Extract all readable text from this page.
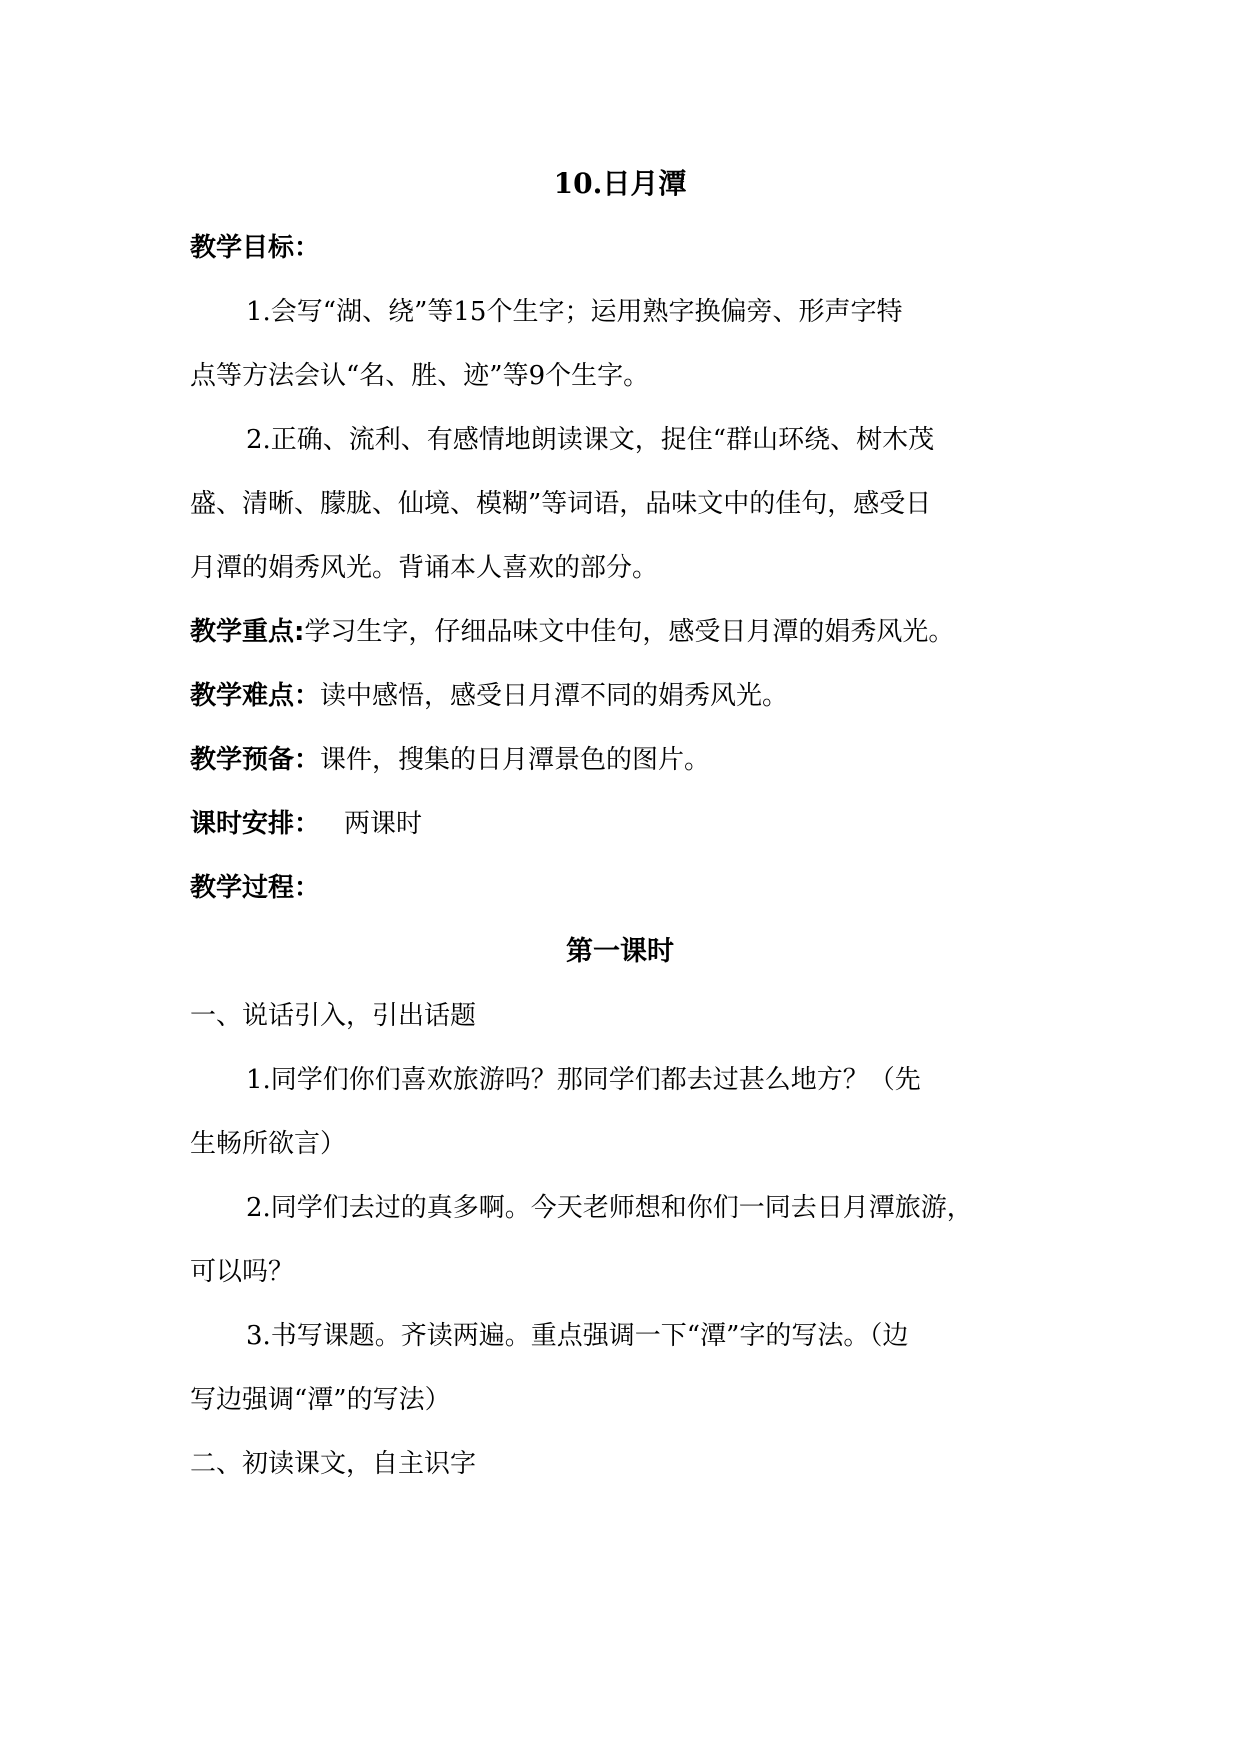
10.日月潭
教学目标：
1.会写“湖、绕”等15个生字；运用熟字换偏旁、形声字特
点等方法会认“名、胜、迹”等9个生字。
2.正确、流利、有感情地朗读课文，捉住“群山环绕、树木茂
盛、清晰、朦胧、仙境、模糊”等词语，品味文中的佳句，感受日
月潭的娟秀风光。背诵本人喜欢的部分。
教学重点:学习生字，仔细品味文中佳句，感受日月潭的娟秀风光。
教学难点：读中感悟，感受日月潭不同的娟秀风光。
教学预备：课件，搜集的日月潭景色的图片。
课时安排： 两课时
教学过程：
第一课时
一、说话引入，引出话题
1.同学们你们喜欢旅游吗？那同学们都去过甚么地方？（先
生畅所欲言）
2.同学们去过的真多啊。今天老师想和你们一同去日月潭旅游，
可以吗？
3.书写课题。齐读两遍。重点强调一下“潭”字的写法。（边
写边强调“潭”的写法）
二、初读课文，自主识字
